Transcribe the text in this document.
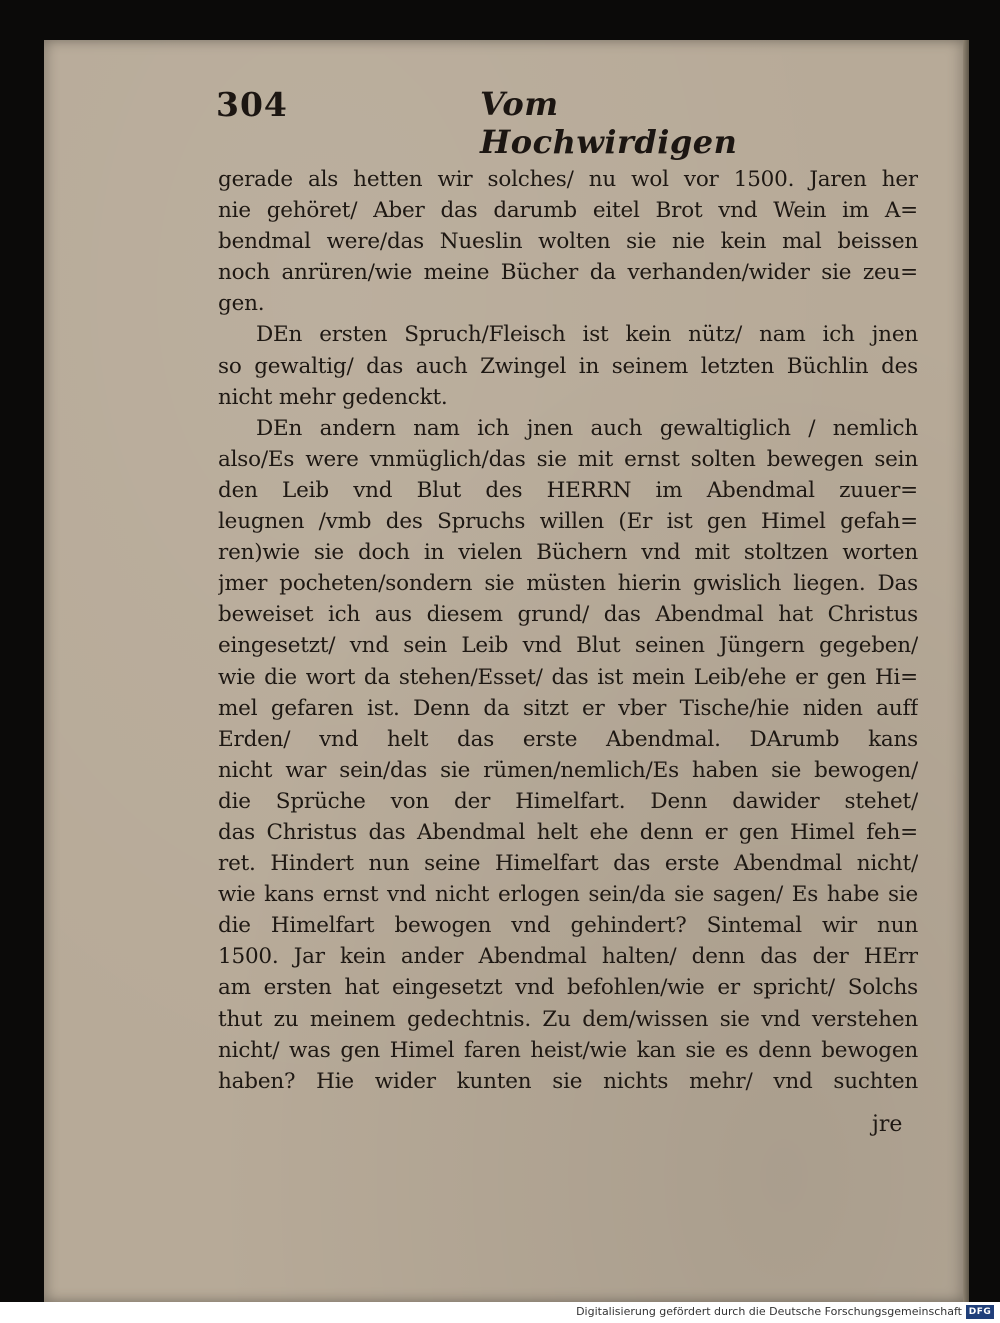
304	Vom Hochwirdigen
gerade als hetten wir solches/ nu wol vor 1500. Jaren her
nie gehöret/ Aber das darumb eitel Brot vnd Wein im A=
bendmal were/das Nueslin wolten sie nie kein mal beissen
noch anrüren/wie meine Bücher da verhanden/wider sie zeu=
gen.
DEn ersten Spruch/Fleisch ist kein nütz/ nam ich jnen
so gewaltig/ das auch Zwingel in seinem letzten Büchlin des
nicht mehr gedenckt.
DEn andern nam ich jnen auch gewaltiglich / nemlich
also/Es were vnmüglich/das sie mit ernst solten bewegen sein
den Leib vnd Blut des HERRN im Abendmal zuuer=
leugnen /vmb des Spruchs willen (Er ist gen Himel gefah=
ren)wie sie doch in vielen Büchern vnd mit stoltzen worten
jmer pocheten/sondern sie müsten hierin gwislich liegen. Das
beweiset ich aus diesem grund/ das Abendmal hat Christus
eingesetzt/ vnd sein Leib vnd Blut seinen Jüngern gegeben/
wie die wort da stehen/Esset/ das ist mein Leib/ehe er gen Hi=
mel gefaren ist. Denn da sitzt er vber Tische/hie niden auff
Erden/ vnd helt das erste Abendmal. DArumb kans
nicht war sein/das sie rümen/nemlich/Es haben sie bewogen/
die Sprüche von der Himelfart. Denn dawider stehet/
das Christus das Abendmal helt ehe denn er gen Himel feh=
ret. Hindert nun seine Himelfart das erste Abendmal nicht/
wie kans ernst vnd nicht erlogen sein/da sie sagen/ Es habe sie
die Himelfart bewogen vnd gehindert? Sintemal wir nun
1500. Jar kein ander Abendmal halten/ denn das der HErr
am ersten hat eingesetzt vnd befohlen/wie er spricht/ Solchs
thut zu meinem gedechtnis. Zu dem/wissen sie vnd verstehen
nicht/ was gen Himel faren heist/wie kan sie es denn bewogen
haben? Hie wider kunten sie nichts mehr/ vnd suchten
jre
Digitalisierung gefördert durch die Deutsche Forschungsgemeinschaft DFG
